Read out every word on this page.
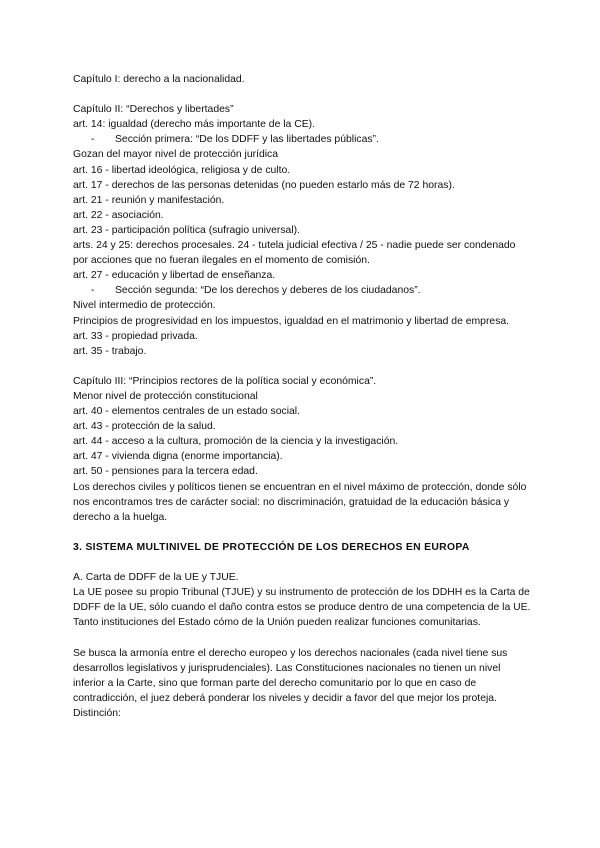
Capítulo I: derecho a la nacionalidad.
Capítulo II: “Derechos y libertades”
art. 14: igualdad (derecho más importante de la CE).
- Sección primera: “De los DDFF y las libertades públicas”.
Gozan del mayor nivel de protección jurídica
art. 16 - libertad ideológica, religiosa y de culto.
art. 17 - derechos de las personas detenidas (no pueden estarlo más de 72 horas).
art. 21 - reunión y manifestación.
art. 22 - asociación.
art. 23 - participación política (sufragio universal).
arts. 24 y 25: derechos procesales. 24 - tutela judicial efectiva / 25 - nadie puede ser condenado por acciones que no fueran ilegales en el momento de comisión.
art. 27 - educación y libertad de enseñanza.
- Sección segunda: “De los derechos y deberes de los ciudadanos”.
Nivel intermedio de protección.
Principios de progresividad en los impuestos, igualdad en el matrimonio y libertad de empresa.
art. 33 - propiedad privada.
art. 35 - trabajo.
Capítulo III: “Principios rectores de la política social y económica”.
Menor nivel de protección constitucional
art. 40 - elementos centrales de un estado social.
art. 43 - protección de la salud.
art. 44 - acceso a la cultura, promoción de la ciencia y la investigación.
art. 47 - vivienda digna (enorme importancia).
art. 50 - pensiones para la tercera edad.
Los derechos civiles y políticos tienen se encuentran en el nivel máximo de protección, donde sólo nos encontramos tres de carácter social: no discriminación, gratuidad de la educación básica y derecho a la huelga.
3. SISTEMA MULTINIVEL DE PROTECCIÓN DE LOS DERECHOS EN EUROPA
A. Carta de DDFF de la UE y TJUE.
La UE posee su propio Tribunal (TJUE) y su instrumento de protección de los DDHH es la Carta de DDFF de la UE, sólo cuando el daño contra estos se produce dentro de una competencia de la UE. Tanto instituciones del Estado cómo de la Unión pueden realizar funciones comunitarias.
Se busca la armonía entre el derecho europeo y los derechos nacionales (cada nivel tiene sus desarrollos legislativos y jurisprudenciales). Las Constituciones nacionales no tienen un nivel inferior a la Carte, sino que forman parte del derecho comunitario por lo que en caso de contradicción, el juez deberá ponderar los niveles y decidir a favor del que mejor los proteja. Distinción:
